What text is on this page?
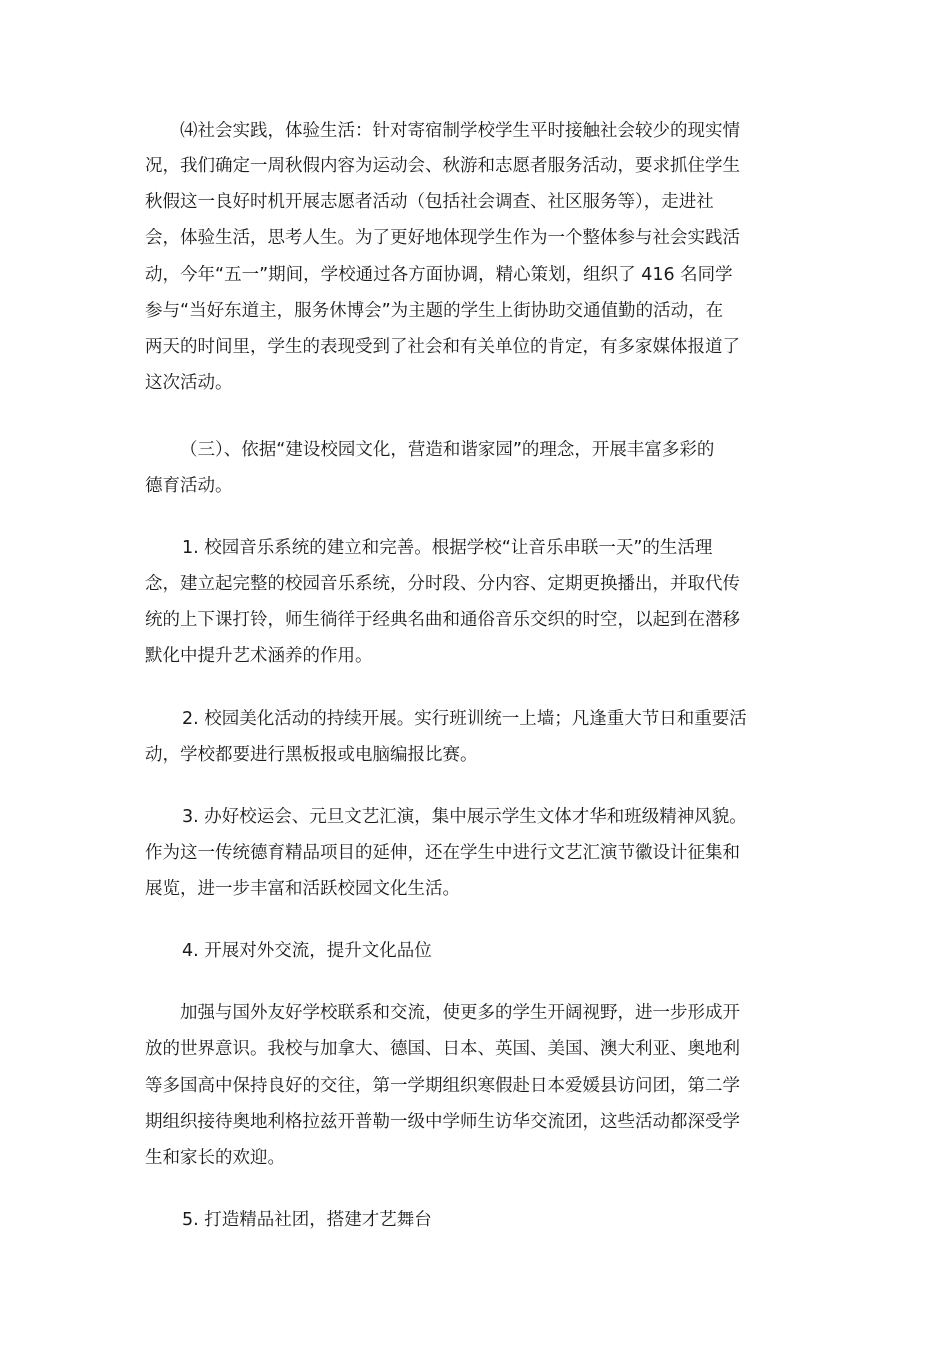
⑷社会实践，体验生活：针对寄宿制学校学生平时接触社会较少的现实情
况，我们确定一周秋假内容为运动会、秋游和志愿者服务活动，要求抓住学生
秋假这一良好时机开展志愿者活动（包括社会调查、社区服务等），走进社
会，体验生活，思考人生。为了更好地体现学生作为一个整体参与社会实践活
动，今年“五一”期间，学校通过各方面协调，精心策划，组织了 416 名同学
参与“当好东道主，服务休博会”为主题的学生上街协助交通值勤的活动，在
两天的时间里，学生的表现受到了社会和有关单位的肯定，有多家媒体报道了
这次活动。
（三）、依据“建设校园文化，营造和谐家园”的理念，开展丰富多彩的
德育活动。
1. 校园音乐系统的建立和完善。根据学校“让音乐串联一天”的生活理
念，建立起完整的校园音乐系统，分时段、分内容、定期更换播出，并取代传
统的上下课打铃，师生徜徉于经典名曲和通俗音乐交织的时空，以起到在潜移
默化中提升艺术涵养的作用。
2. 校园美化活动的持续开展。实行班训统一上墙；凡逢重大节日和重要活
动，学校都要进行黑板报或电脑编报比赛。
3. 办好校运会、元旦文艺汇演，集中展示学生文体才华和班级精神风貌。
作为这一传统德育精品项目的延伸，还在学生中进行文艺汇演节徽设计征集和
展览，进一步丰富和活跃校园文化生活。
4. 开展对外交流，提升文化品位
加强与国外友好学校联系和交流，使更多的学生开阔视野，进一步形成开
放的世界意识。我校与加拿大、德国、日本、英国、美国、澳大利亚、奥地利
等多国高中保持良好的交往，第一学期组织寒假赴日本爱媛县访问团，第二学
期组织接待奥地利格拉兹开普勒一级中学师生访华交流团，这些活动都深受学
生和家长的欢迎。
5. 打造精品社团，搭建才艺舞台
